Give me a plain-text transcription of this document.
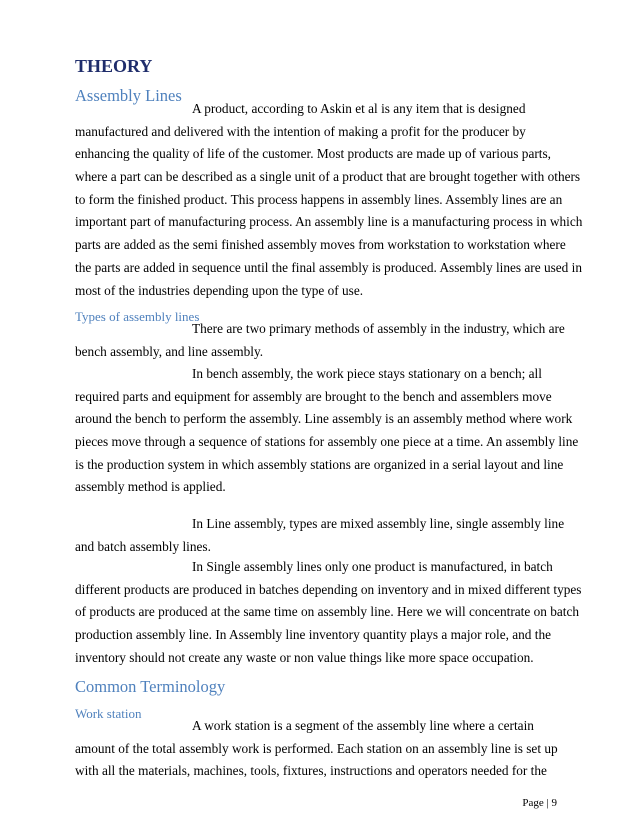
THEORY
Assembly Lines
A product, according to Askin et al is any item that is designed
manufactured and delivered with the intention of making a profit for the producer by
enhancing the quality of life of the customer. Most products are made up of various parts,
where a part can be described as a single unit of a product that are brought together with others
to form the finished product. This process happens in assembly lines. Assembly lines are an
important part of manufacturing process. An assembly line is a manufacturing process in which
parts are added as the semi finished assembly moves from workstation to workstation where
the parts are added in sequence until the final assembly is produced. Assembly lines are used in
most of the industries depending upon the type of use.
Types of assembly lines
There are two primary methods of assembly in the industry, which are
bench assembly, and line assembly.
In bench assembly, the work piece stays stationary on a bench; all
required parts and equipment for assembly are brought to the bench and assemblers move
around the bench to perform the assembly. Line assembly is an assembly method where work
pieces move through a sequence of stations for assembly one piece at a time. An assembly line
is the production system in which assembly stations are organized in a serial layout and line
assembly method is applied.
In Line assembly, types are mixed assembly line, single assembly line
and batch assembly lines.
In Single assembly lines only one product is manufactured, in batch
different products are produced in batches depending on inventory and in mixed different types
of products are produced at the same time on assembly line. Here we will concentrate on batch
production assembly line. In Assembly line inventory quantity plays a major role, and the
inventory should not create any waste or non value things like more space occupation.
Common Terminology
Work station
A work station is a segment of the assembly line where a certain
amount of the total assembly work is performed. Each station on an assembly line is set up
with all the materials, machines, tools, fixtures, instructions and operators needed for the
Page | 9
